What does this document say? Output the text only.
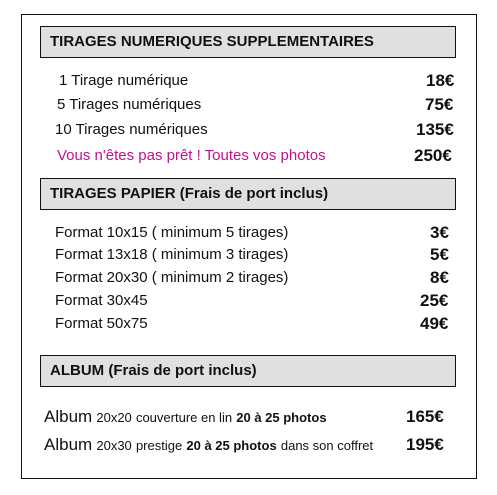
TIRAGES NUMERIQUES SUPPLEMENTAIRES
1 Tirage numérique	18€
5 Tirages numériques	75€
10 Tirages numériques	135€
Vous n'êtes pas prêt ! Toutes vos photos	250€
TIRAGES PAPIER (Frais de port inclus)
Format 10x15 ( minimum 5 tirages)	3€
Format 13x18 ( minimum 3 tirages)	5€
Format 20x30 ( minimum 2 tirages)	8€
Format 30x45	25€
Format 50x75	49€
ALBUM (Frais de port inclus)
Album 20x20 couverture en lin 20 à 25 photos	165€
Album 20x30 prestige 20 à 25 photos dans son coffret 195€
